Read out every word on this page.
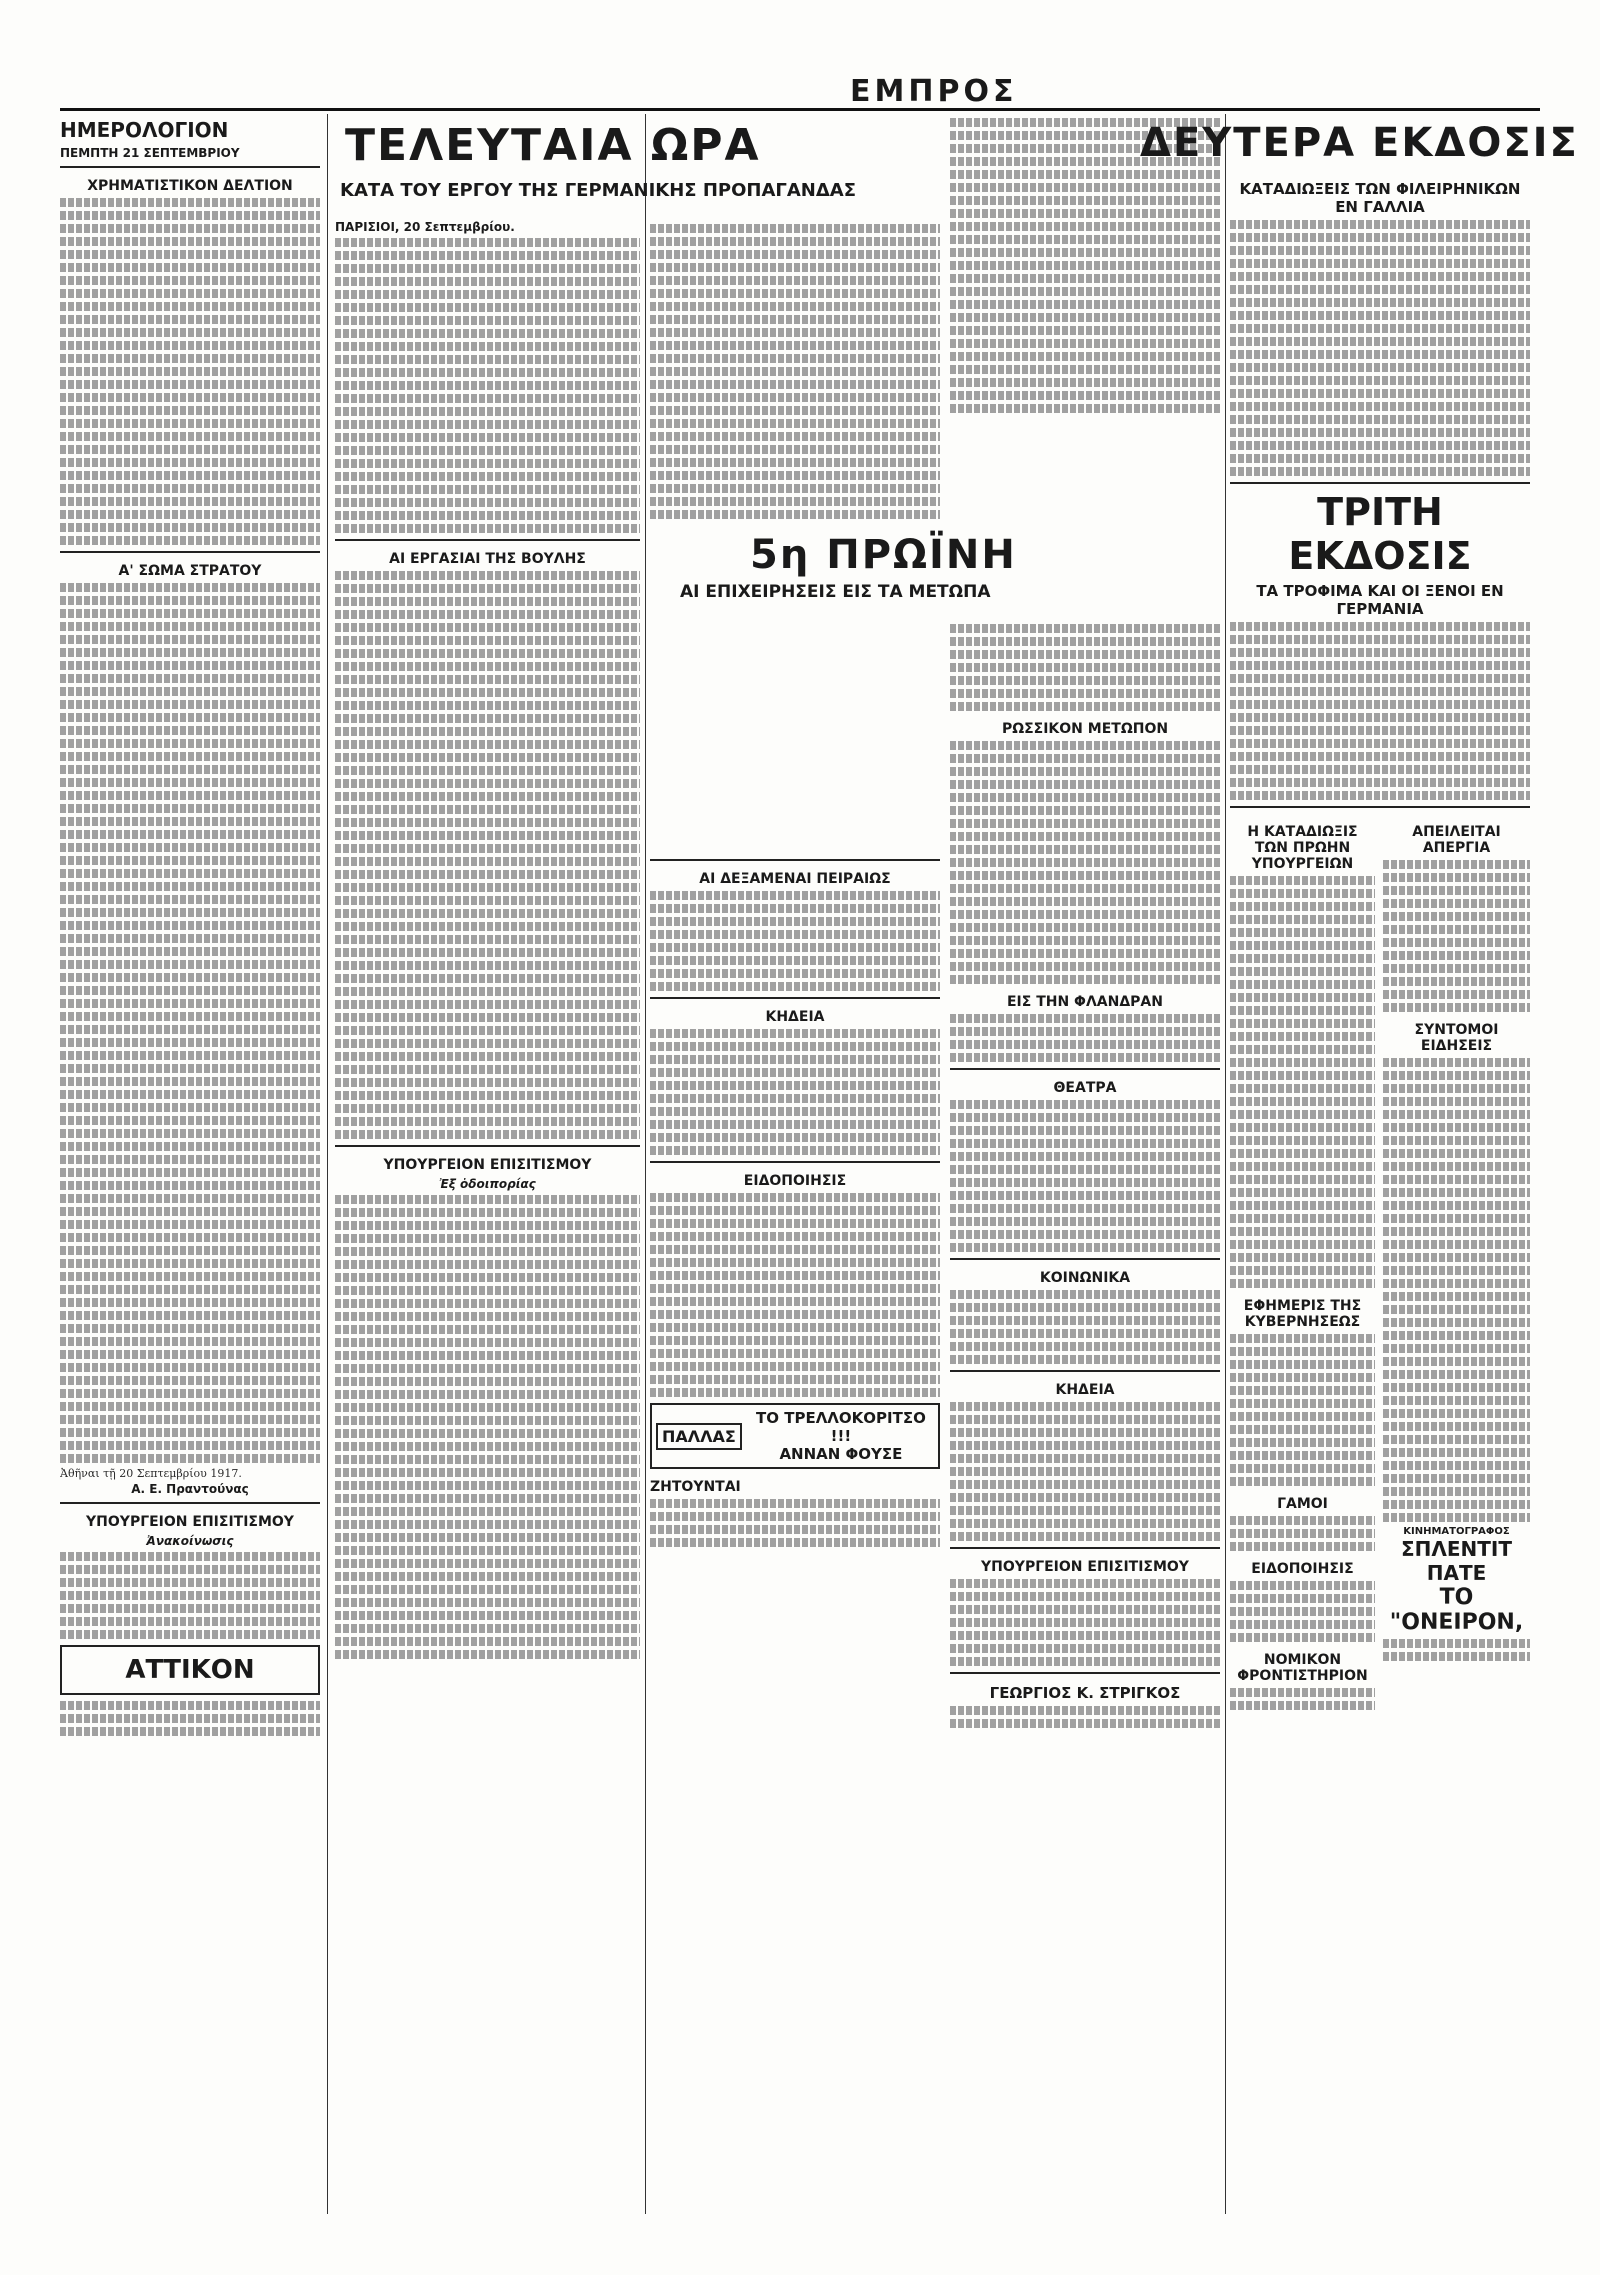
ΕΜΠΡΟΣ
ΗΜΕΡΟΛΟΓΙΟΝ
ΠΕΜΠΤΗ 21 ΣΕΠΤΕΜΒΡΙΟΥ
ΧΡΗΜΑΤΙΣΤΙΚΟΝ ΔΕΛΤΙΟΝ
Α' ΣΩΜΑ ΣΤΡΑΤΟΥ
Ἀθῆναι τῇ 20 Σεπτεμβρίου 1917.
Α. Ε. Πραντούνας
ΥΠΟΥΡΓΕΙΟΝ ΕΠΙΣΙΤΙΣΜΟΥ
Ἀνακοίνωσις
ΑΤΤΙΚΟΝ
ΤΕΛΕΥΤΑΙΑ ΩΡΑ
ΚΑΤΑ ΤΟΥ ΕΡΓΟΥ ΤΗΣ ΓΕΡΜΑΝΙΚΗΣ ΠΡΟΠΑΓΑΝΔΑΣ
ΠΑΡΙΣΙΟΙ, 20 Σεπτεμβρίου.
ΑΙ ΕΡΓΑΣΙΑΙ ΤΗΣ ΒΟΥΛΗΣ
ΥΠΟΥΡΓΕΙΟΝ ΕΠΙΣΙΤΙΣΜΟΥ
Ἐξ ὁδοιπορίας
ΑΙ ΔΕΞΑΜΕΝΑΙ ΠΕΙΡΑΙΩΣ
ΚΗΔΕΙΑ
ΕΙΔΟΠΟΙΗΣΙΣ
ΠΑΛΛΑΣ
ΤΟ ΤΡΕΛΛΟΚΟΡΙΤΣΟ !!!
ΑΝΝΑΝ ΦΟΥΣΕ
ΖΗΤΟΥΝΤΑΙ
5η ΠΡΩΪΝΗ
ΑΙ ΕΠΙΧΕΙΡΗΣΕΙΣ ΕΙΣ ΤΑ ΜΕΤΩΠΑ
ΡΩΣΣΙΚΟΝ ΜΕΤΩΠΟΝ
ΕΙΣ ΤΗΝ ΦΛΑΝΔΡΑΝ
ΘΕΑΤΡΑ
ΚΟΙΝΩΝΙΚΑ
ΚΗΔΕΙΑ
ΥΠΟΥΡΓΕΙΟΝ ΕΠΙΣΙΤΙΣΜΟΥ
ΓΕΩΡΓΙΟΣ Κ. ΣΤΡΙΓΚΟΣ
ΔΕΥΤΕΡΑ ΕΚΔΟΣΙΣ
ΚΑΤΑΔΙΩΞΕΙΣ ΤΩΝ ΦΙΛΕΙΡΗΝΙΚΩΝ ΕΝ ΓΑΛΛΙΑ
ΤΡΙΤΗ ΕΚΔΟΣΙΣ
ΤΑ ΤΡΟΦΙΜΑ ΚΑΙ ΟΙ ΞΕΝΟΙ ΕΝ ΓΕΡΜΑΝΙΑ
Η ΚΑΤΑΔΙΩΞΙΣ ΤΩΝ ΠΡΩΗΝ ΥΠΟΥΡΓΕΙΩΝ
ΕΦΗΜΕΡΙΣ ΤΗΣ ΚΥΒΕΡΝΗΣΕΩΣ
ΓΑΜΟΙ
ΕΙΔΟΠΟΙΗΣΙΣ
ΝΟΜΙΚΟΝ ΦΡΟΝΤΙΣΤΗΡΙΟΝ
ΑΠΕΙΛΕΙΤΑΙ ΑΠΕΡΓΙΑ
ΣΥΝΤΟΜΟΙ ΕΙΔΗΣΕΙΣ
ΚΙΝΗΜΑΤΟΓΡΑΦΟΣ
ΣΠΛΕΝΤΙΤ ΠΑΤΕ
ΤΟ "ΟΝΕΙΡΟΝ,
